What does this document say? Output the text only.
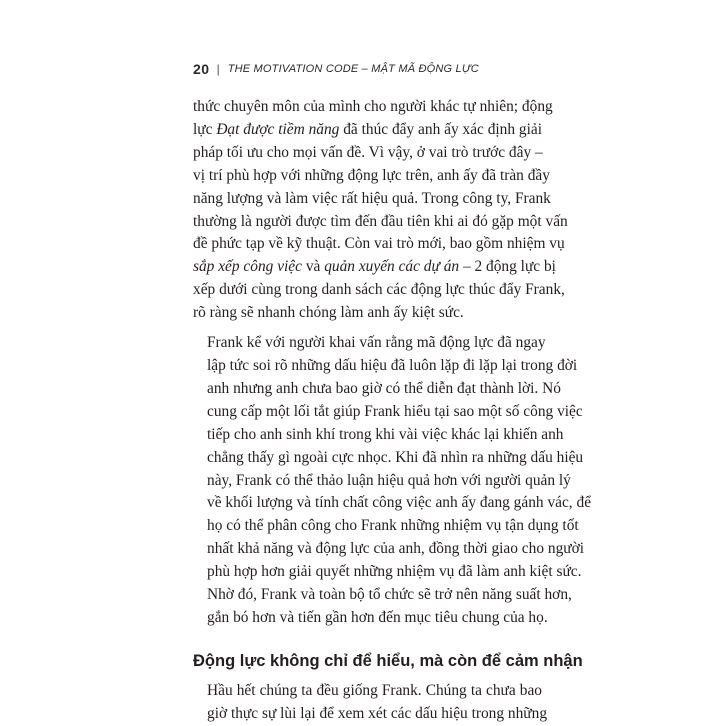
20 | THE MOTIVATION CODE – MẬT MÃ ĐỘNG LỰC

thức chuyên môn của mình cho người khác tự nhiên; động
lực Đạt được tiềm năng đã thúc đẩy anh ấy xác định giải
pháp tối ưu cho mọi vấn đề. Vì vậy, ở vai trò trước đây –
vị trí phù hợp với những động lực trên, anh ấy đã tràn đầy
năng lượng và làm việc rất hiệu quả. Trong công ty, Frank
thường là người được tìm đến đầu tiên khi ai đó gặp một vấn
đề phức tạp về kỹ thuật. Còn vai trò mới, bao gồm nhiệm vụ
sắp xếp công việc và quản xuyến các dự án – 2 động lực bị
xếp dưới cùng trong danh sách các động lực thúc đẩy Frank,
rõ ràng sẽ nhanh chóng làm anh ấy kiệt sức.

Frank kể với người khai vấn rằng mã động lực đã ngay
lập tức soi rõ những dấu hiệu đã luôn lặp đi lặp lại trong đời
anh nhưng anh chưa bao giờ có thể diễn đạt thành lời. Nó
cung cấp một lối tắt giúp Frank hiểu tại sao một số công việc
tiếp cho anh sinh khí trong khi vài việc khác lại khiến anh
chẳng thấy gì ngoài cực nhọc. Khi đã nhìn ra những dấu hiệu
này, Frank có thể thảo luận hiệu quả hơn với người quản lý
về khối lượng và tính chất công việc anh ấy đang gánh vác, để
họ có thể phân công cho Frank những nhiệm vụ tận dụng tốt
nhất khả năng và động lực của anh, đồng thời giao cho người
phù hợp hơn giải quyết những nhiệm vụ đã làm anh kiệt sức.
Nhờ đó, Frank và toàn bộ tổ chức sẽ trở nên năng suất hơn,
gắn bó hơn và tiến gần hơn đến mục tiêu chung của họ.

Động lực không chỉ để hiểu, mà còn để cảm nhận

Hầu hết chúng ta đều giống Frank. Chúng ta chưa bao
giờ thực sự lùi lại để xem xét các dấu hiệu trong những
